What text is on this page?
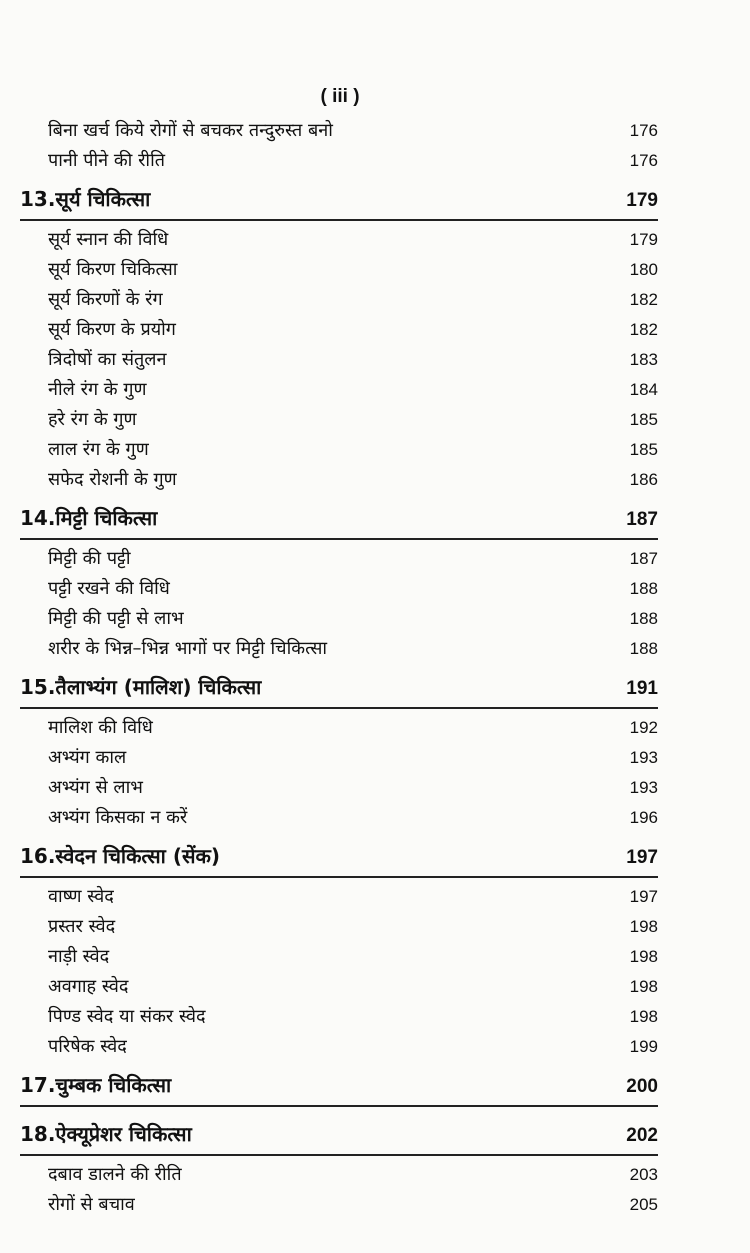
( iii )
बिना खर्च किये रोगों से बचकर तन्दुरुस्त बनो	176
पानी पीने की रीति	176
13.सूर्य चिकित्सा	179
सूर्य स्नान की विधि	179
सूर्य किरण चिकित्सा	180
सूर्य किरणों के रंग	182
सूर्य किरण के प्रयोग	182
त्रिदोषों का संतुलन	183
नीले रंग के गुण	184
हरे रंग के गुण	185
लाल रंग के गुण	185
सफेद रोशनी के गुण	186
14.मिट्टी चिकित्सा	187
मिट्टी की पट्टी	187
पट्टी रखने की विधि	188
मिट्टी की पट्टी से लाभ	188
शरीर के भिन्न–भिन्न भागों पर मिट्टी चिकित्सा	188
15.तैलाभ्यंग (मालिश) चिकित्सा	191
मालिश की विधि	192
अभ्यंग काल	193
अभ्यंग से लाभ	193
अभ्यंग किसका न करें	196
16.स्वेदन चिकित्सा (सेंक)	197
वाष्ण स्वेद	197
प्रस्तर स्वेद	198
नाड़ी स्वेद	198
अवगाह स्वेद	198
पिण्ड स्वेद या संकर स्वेद	198
परिषेक स्वेद	199
17.चुम्बक चिकित्सा	200
18.ऐक्यूप्रेशर चिकित्सा	202
दबाव डालने की रीति	203
रोगों से बचाव	205
